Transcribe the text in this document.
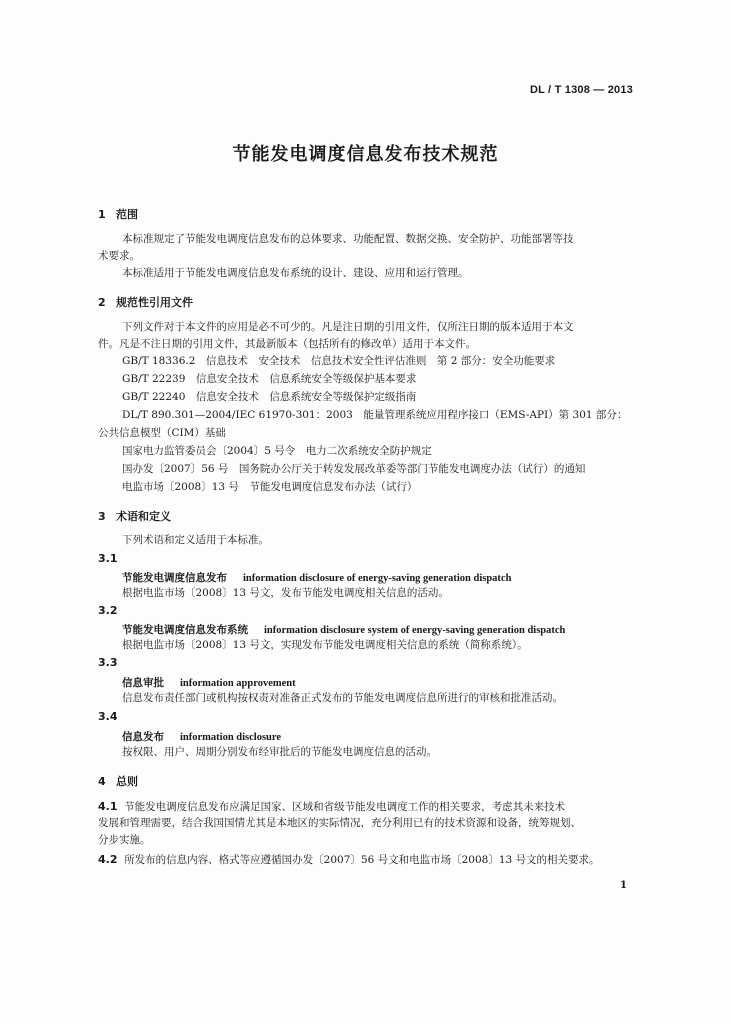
DL / T 1308 — 2013
节能发电调度信息发布技术规范
1 范围
本标准规定了节能发电调度信息发布的总体要求、功能配置、数据交换、安全防护、功能部署等技
术要求。
本标准适用于节能发电调度信息发布系统的设计、建设、应用和运行管理。
2 规范性引用文件
下列文件对于本文件的应用是必不可少的。凡是注日期的引用文件，仅所注日期的版本适用于本文
件。凡是不注日期的引用文件，其最新版本（包括所有的修改单）适用于本文件。
GB/T 18336.2　信息技术　安全技术　信息技术安全性评估准则　第 2 部分：安全功能要求
GB/T 22239　信息安全技术　信息系统安全等级保护基本要求
GB/T 22240　信息安全技术　信息系统安全等级保护定级指南
DL/T 890.301—2004/IEC 61970-301：2003　能量管理系统应用程序接口（EMS-API）第 301 部分：
公共信息模型（CIM）基础
国家电力监管委员会〔2004〕5 号令　电力二次系统安全防护规定
国办发〔2007〕56 号　国务院办公厅关于转发发展改革委等部门节能发电调度办法（试行）的通知
电监市场〔2008〕13 号　节能发电调度信息发布办法（试行）
3 术语和定义
下列术语和定义适用于本标准。
3.1
节能发电调度信息发布 information disclosure of energy-saving generation dispatch
根据电监市场〔2008〕13 号文，发布节能发电调度相关信息的活动。
3.2
节能发电调度信息发布系统 information disclosure system of energy-saving generation dispatch
根据电监市场〔2008〕13 号文，实现发布节能发电调度相关信息的系统（简称系统）。
3.3
信息审批 information approvement
信息发布责任部门或机构按权责对准备正式发布的节能发电调度信息所进行的审核和批准活动。
3.4
信息发布 information disclosure
按权限、用户、周期分别发布经审批后的节能发电调度信息的活动。
4 总则
4.1 节能发电调度信息发布应满足国家、区域和省级节能发电调度工作的相关要求，考虑其未来技术
发展和管理需要，结合我国国情尤其是本地区的实际情况，充分利用已有的技术资源和设备，统筹规划、
分步实施。
4.2 所发布的信息内容、格式等应遵循国办发〔2007〕56 号文和电监市场〔2008〕13 号文的相关要求。
1
